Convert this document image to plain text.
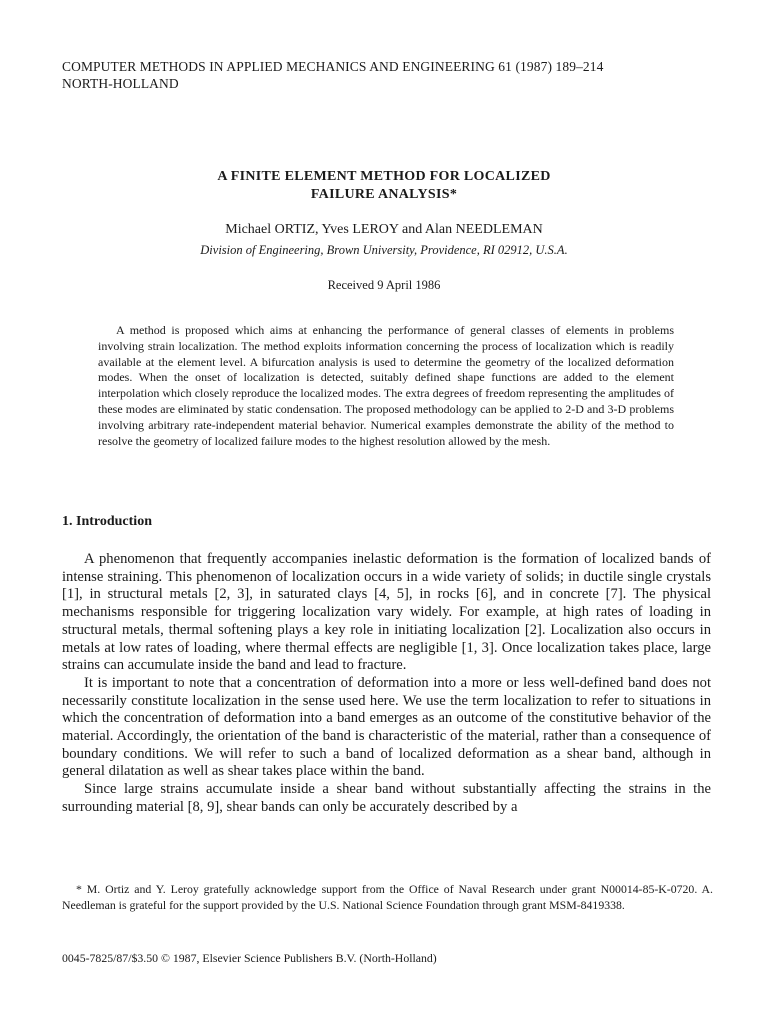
COMPUTER METHODS IN APPLIED MECHANICS AND ENGINEERING 61 (1987) 189–214
NORTH-HOLLAND
A FINITE ELEMENT METHOD FOR LOCALIZED
FAILURE ANALYSIS*
Michael ORTIZ, Yves LEROY and Alan NEEDLEMAN
Division of Engineering, Brown University, Providence, RI 02912, U.S.A.
Received 9 April 1986
A method is proposed which aims at enhancing the performance of general classes of elements in problems involving strain localization. The method exploits information concerning the process of localization which is readily available at the element level. A bifurcation analysis is used to determine the geometry of the localized deformation modes. When the onset of localization is detected, suitably defined shape functions are added to the element interpolation which closely reproduce the localized modes. The extra degrees of freedom representing the amplitudes of these modes are eliminated by static condensation. The proposed methodology can be applied to 2-D and 3-D problems involving arbitrary rate-independent material behavior. Numerical examples demonstrate the ability of the method to resolve the geometry of localized failure modes to the highest resolution allowed by the mesh.
1. Introduction

A phenomenon that frequently accompanies inelastic deformation is the formation of localized bands of intense straining. This phenomenon of localization occurs in a wide variety of solids; in ductile single crystals [1], in structural metals [2, 3], in saturated clays [4, 5], in rocks [6], and in concrete [7]. The physical mechanisms responsible for triggering localization vary widely. For example, at high rates of loading in structural metals, thermal softening plays a key role in initiating localization [2]. Localization also occurs in metals at low rates of loading, where thermal effects are negligible [1, 3]. Once localization takes place, large strains can accumulate inside the band and lead to fracture.

It is important to note that a concentration of deformation into a more or less well-defined band does not necessarily constitute localization in the sense used here. We use the term localization to refer to situations in which the concentration of deformation into a band emerges as an outcome of the constitutive behavior of the material. Accordingly, the orientation of the band is characteristic of the material, rather than a consequence of boundary conditions. We will refer to such a band of localized deformation as a shear band, although in general dilatation as well as shear takes place within the band.

Since large strains accumulate inside a shear band without substantially affecting the strains in the surrounding material [8, 9], shear bands can only be accurately described by a

* M. Ortiz and Y. Leroy gratefully acknowledge support from the Office of Naval Research under grant N00014-85-K-0720. A. Needleman is grateful for the support provided by the U.S. National Science Foundation through grant MSM-8419338.
0045-7825/87/$3.50 © 1987, Elsevier Science Publishers B.V. (North-Holland)
